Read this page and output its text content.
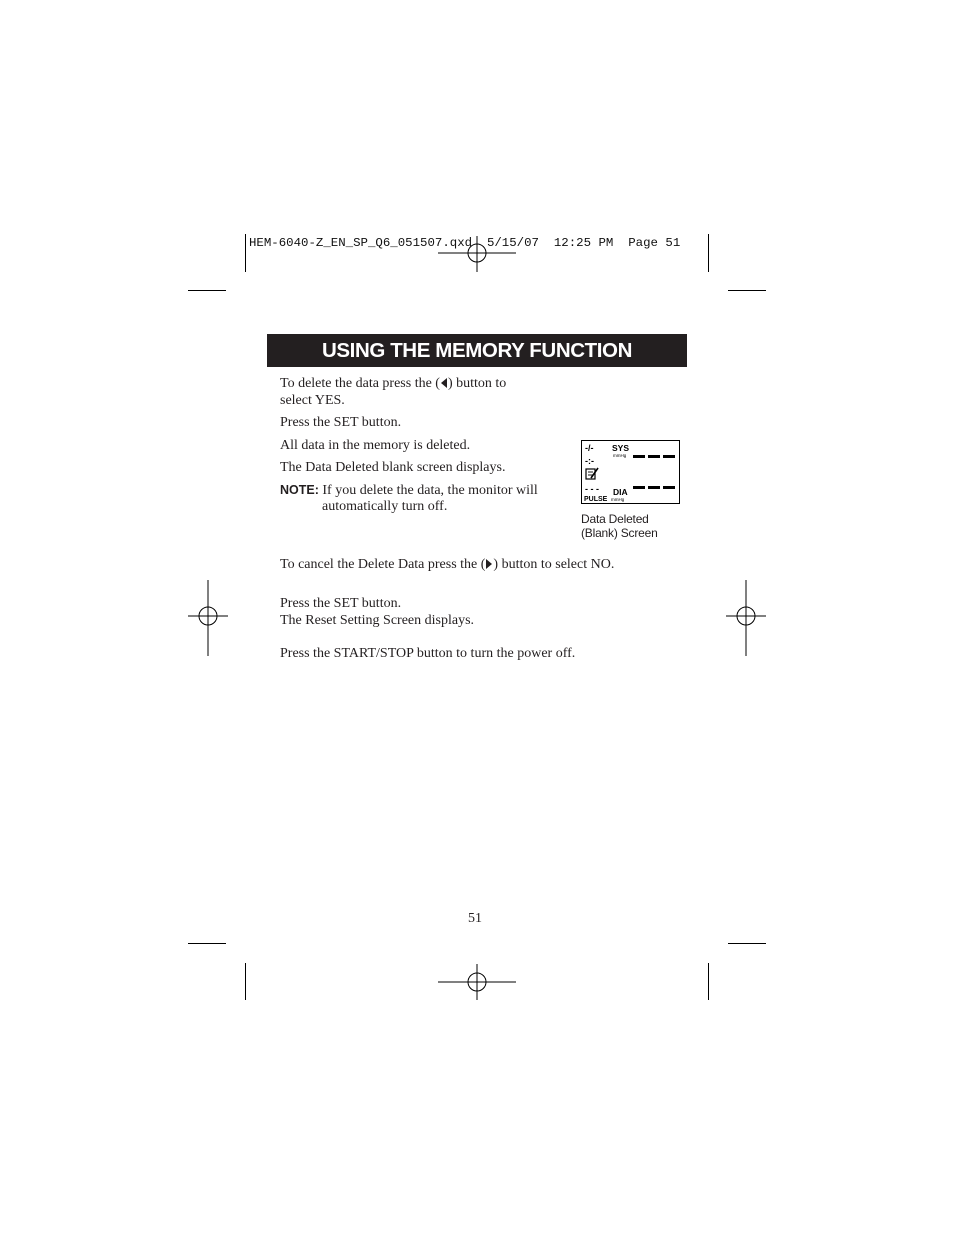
HEM-6040-Z_EN_SP_Q6_051507.qxd  5/15/07  12:25 PM  Page 51
USING THE MEMORY FUNCTION
To delete the data press the ( ) button to
select YES.
Press the SET button.
All data in the memory is deleted.
The Data Deleted blank screen displays.
NOTE: If you delete the data, the monitor will
automatically turn off.
-/- SYS
mmHg
-:-
- - - DIA
PULSE mmHg
Data Deleted
(Blank) Screen
To cancel the Delete Data press the ( ) button to select NO.
Press the SET button.
The Reset Setting Screen displays.
Press the START/STOP button to turn the power off.
51
